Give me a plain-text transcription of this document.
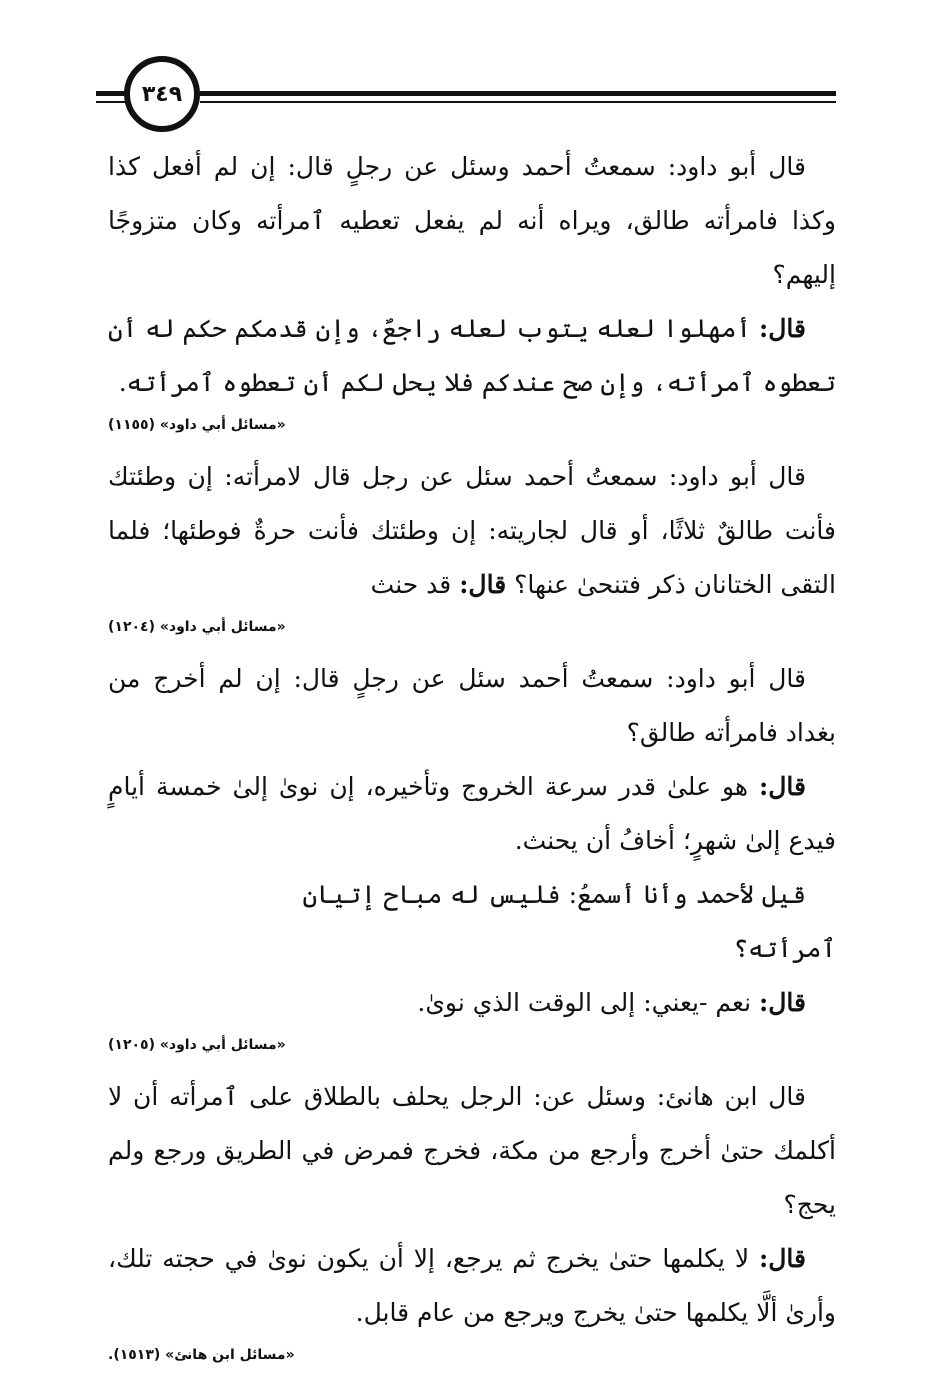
٣٤٩

قال أبو داود: سمعتُ أحمد وسئل عن رجلٍ قال: إن لم أفعل كذا وكذا فامرأته طالق، ويراه أنه لم يفعل تعطيه ٱمرأته وكان متزوجًا إليهم؟

قال: أمهلوا لعله يتوب لعله راجعٌ، وإن قدمكم حكم له أن تعطوه ٱمرأته، وإن صح عندكم فلا يحل لكم أن تعطوه ٱمرأته.

«مسائل أبي داود» (١١٥٥)

قال أبو داود: سمعتُ أحمد سئل عن رجل قال لامرأته: إن وطئتك فأنت طالقٌ ثلاثًا، أو قال لجاريته: إن وطئتك فأنت حرةٌ فوطئها؛ فلما التقى الختانان ذكر فتنحىٰ عنها؟ قال: قد حنث

«مسائل أبي داود» (١٢٠٤)

قال أبو داود: سمعتُ أحمد سئل عن رجلٍ قال: إن لم أخرج من بغداد فامرأته طالق؟

قال: هو علىٰ قدر سرعة الخروج وتأخيره، إن نوىٰ إلىٰ خمسة أيامٍ فيدع إلىٰ شهرٍ؛ أخافُ أن يحنث.

قيل لأحمد وأنا أسمعُ: فليس له مباح إتيان ٱمرأته؟

قال: نعم -يعني: إلى الوقت الذي نوىٰ.

«مسائل أبي داود» (١٢٠٥)

قال ابن هانئ: وسئل عن: الرجل يحلف بالطلاق على ٱمرأته أن لا أكلمك حتىٰ أخرج وأرجع من مكة، فخرج فمرض في الطريق ورجع ولم يحج؟

قال: لا يكلمها حتىٰ يخرج ثم يرجع، إلا أن يكون نوىٰ في حجته تلك، وأرىٰ ألَّا يكلمها حتىٰ يخرج ويرجع من عام قابل.

«مسائل ابن هانئ» (١٥١٣).
